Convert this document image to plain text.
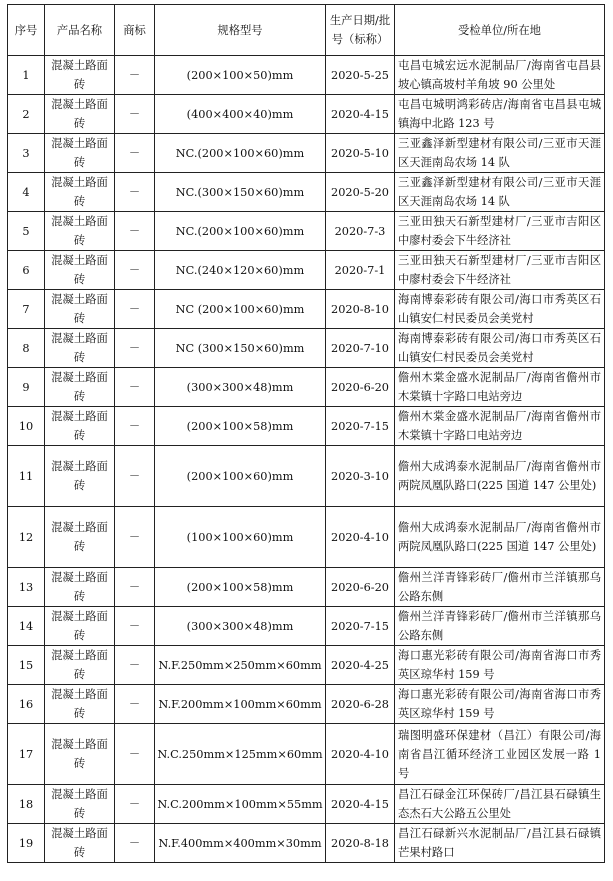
序号	产品名称	商标	规格型号	生产日期/批号（标称）	受检单位/所在地
1	混凝土路面砖	－	(200×100×50)mm	2020-5-25	屯昌屯城宏远水泥制品厂/海南省屯昌县坡心镇高坡村羊角坡 90 公里处
2	混凝土路面砖	－	(400×400×40)mm	2020-4-15	屯昌屯城明鸿彩砖店/海南省屯昌县屯城镇海中北路 123 号
3	混凝土路面砖	－	NC.(200×100×60)mm	2020-5-10	三亚鑫泽新型建材有限公司/三亚市天涯区天涯南岛农场 14 队
4	混凝土路面砖	－	NC.(300×150×60)mm	2020-5-20	三亚鑫泽新型建材有限公司/三亚市天涯区天涯南岛农场 14 队
5	混凝土路面砖	－	NC.(200×100×60)mm	2020-7-3	三亚田独天石新型建材厂/三亚市吉阳区中廖村委会下牛经济社
6	混凝土路面砖	－	NC.(240×120×60)mm	2020-7-1	三亚田独天石新型建材厂/三亚市吉阳区中廖村委会下牛经济社
7	混凝土路面砖	－	NC (200×100×60)mm	2020-8-10	海南博泰彩砖有限公司/海口市秀英区石山镇安仁村民委员会美党村
8	混凝土路面砖	－	NC (300×150×60)mm	2020-7-10	海南博泰彩砖有限公司/海口市秀英区石山镇安仁村民委员会美党村
9	混凝土路面砖	－	(300×300×48)mm	2020-6-20	儋州木棠金盛水泥制品厂/海南省儋州市木棠镇十字路口电站旁边
10	混凝土路面砖	－	(200×100×58)mm	2020-7-15	儋州木棠金盛水泥制品厂/海南省儋州市木棠镇十字路口电站旁边
11	混凝土路面砖	－	(200×100×60)mm	2020-3-10	儋州大成鸿泰水泥制品厂/海南省儋州市两院凤凰队路口(225 国道 147 公里处)
12	混凝土路面砖	－	(100×100×60)mm	2020-4-10	儋州大成鸿泰水泥制品厂/海南省儋州市两院凤凰队路口(225 国道 147 公里处)
13	混凝土路面砖	－	(200×100×58)mm	2020-6-20	儋州兰洋青锋彩砖厂/儋州市兰洋镇那乌公路东侧
14	混凝土路面砖	－	(300×300×48)mm	2020-7-15	儋州兰洋青锋彩砖厂/儋州市兰洋镇那乌公路东侧
15	混凝土路面砖	－	N.F.250mm×250mm×60mm	2020-4-25	海口惠光彩砖有限公司/海南省海口市秀英区琼华村 159 号
16	混凝土路面砖	－	N.F.200mm×100mm×60mm	2020-6-28	海口惠光彩砖有限公司/海南省海口市秀英区琼华村 159 号
17	混凝土路面砖	－	N.C.250mm×125mm×60mm	2020-4-10	瑞图明盛环保建材（昌江）有限公司/海南省昌江循环经济工业园区发展一路 1 号
18	混凝土路面砖	－	N.C.200mm×100mm×55mm	2020-4-15	昌江石碌金江环保砖厂/昌江县石碌镇生态杰石大公路五公里处
19	混凝土路面砖	－	N.F.400mm×400mm×30mm	2020-8-18	昌江石碌新兴水泥制品厂/昌江县石碌镇芒果村路口
